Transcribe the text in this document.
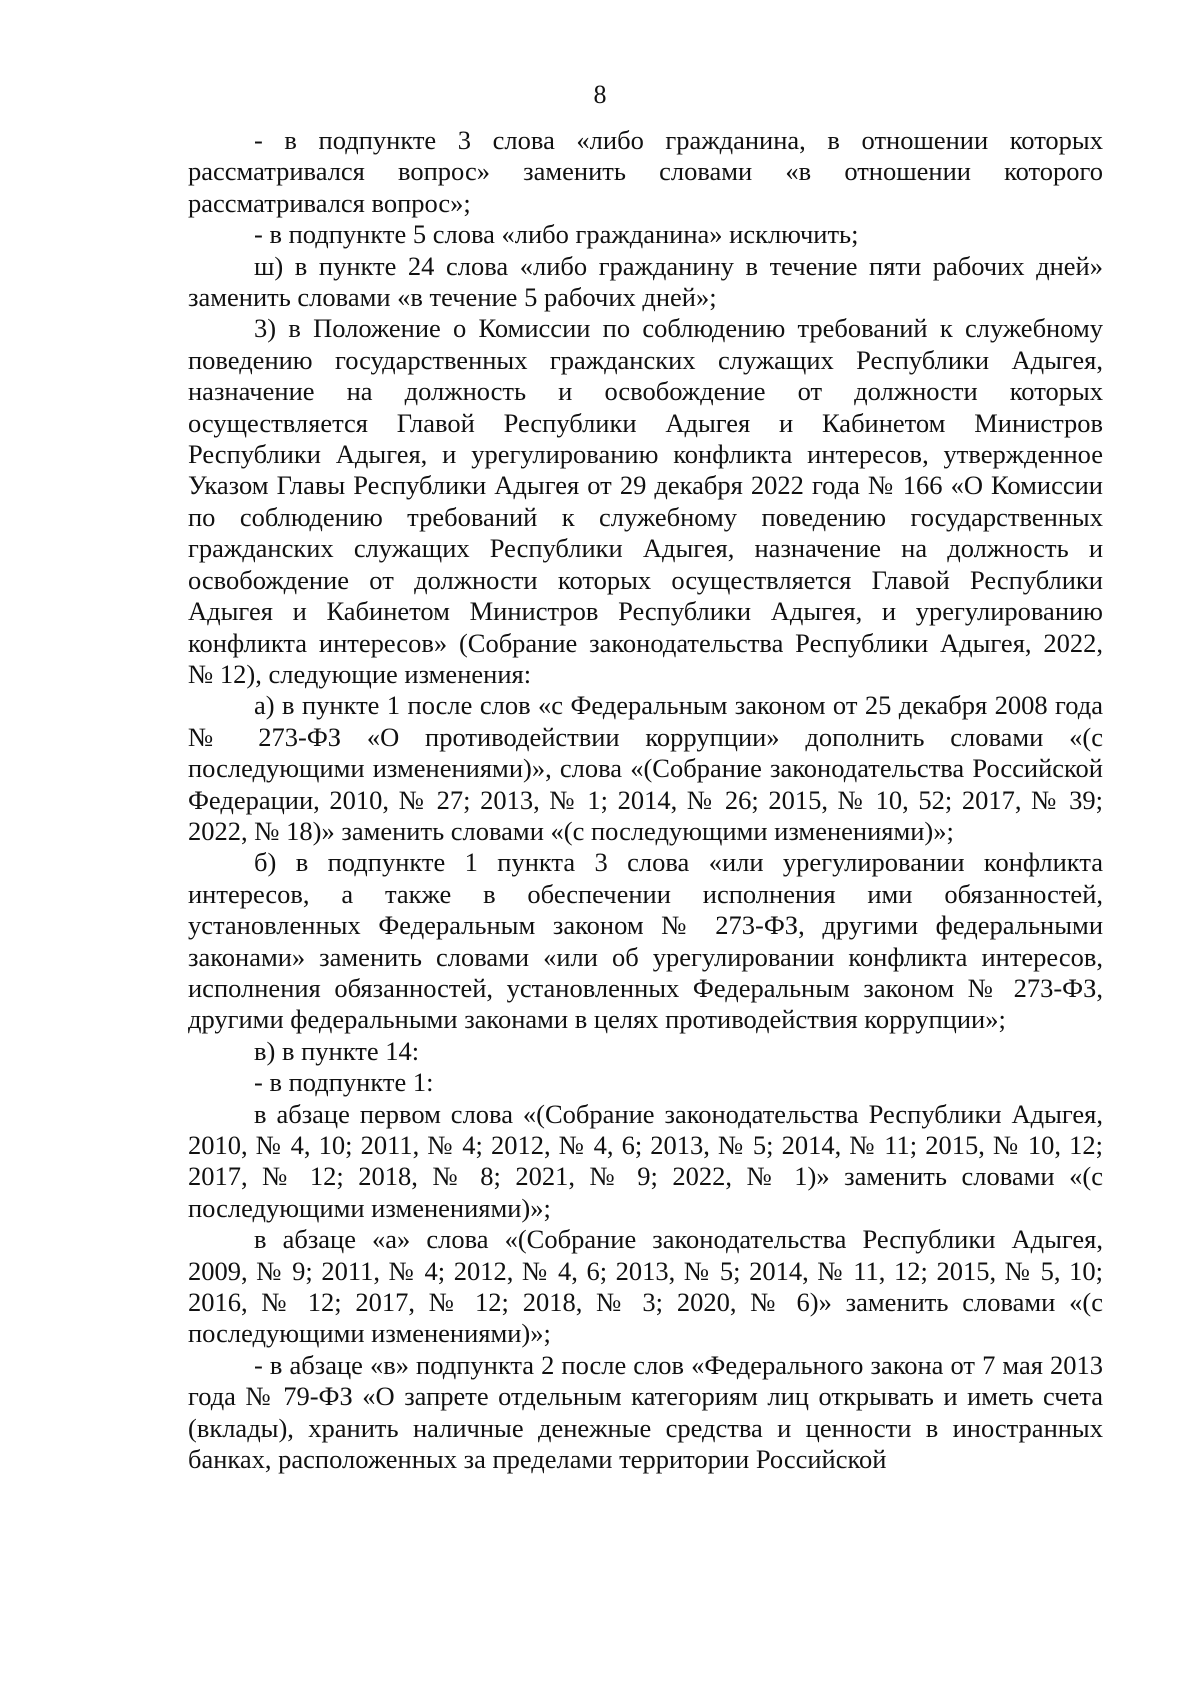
8

- в подпункте 3 слова «либо гражданина, в отношении которых рассматривался вопрос» заменить словами «в отношении которого рассматривался вопрос»;

- в подпункте 5 слова «либо гражданина» исключить;

ш) в пункте 24 слова «либо гражданину в течение пяти рабочих дней» заменить словами «в течение 5 рабочих дней»;

3) в Положение о Комиссии по соблюдению требований к служебному поведению государственных гражданских служащих Республики Адыгея, назначение на должность и освобождение от должности которых осуществляется Главой Республики Адыгея и Кабинетом Министров Республики Адыгея, и урегулированию конфликта интересов, утвержденное Указом Главы Республики Адыгея от 29 декабря 2022 года № 166 «О Комиссии по соблюдению требований к служебному поведению государственных гражданских служащих Республики Адыгея, назначение на должность и освобождение от должности которых осуществляется Главой Республики Адыгея и Кабинетом Министров Республики Адыгея, и урегулированию конфликта интересов» (Собрание законодательства Республики Адыгея, 2022, № 12), следующие изменения:

а) в пункте 1 после слов «с Федеральным законом от 25 декабря 2008 года № 273-ФЗ «О противодействии коррупции» дополнить словами «(с последующими изменениями)», слова «(Собрание законодательства Российской Федерации, 2010, № 27; 2013, № 1; 2014, № 26; 2015, № 10, 52; 2017, № 39; 2022, № 18)» заменить словами «(с последующими изменениями)»;

б) в подпункте 1 пункта 3 слова «или урегулировании конфликта интересов, а также в обеспечении исполнения ими обязанностей, установленных Федеральным законом № 273-ФЗ, другими федеральными законами» заменить словами «или об урегулировании конфликта интересов, исполнения обязанностей, установленных Федеральным законом № 273-ФЗ, другими федеральными законами в целях противодействия коррупции»;

в) в пункте 14:

- в подпункте 1:

в абзаце первом слова «(Собрание законодательства Республики Адыгея, 2010, № 4, 10; 2011, № 4; 2012, № 4, 6; 2013, № 5; 2014, № 11; 2015, № 10, 12; 2017, № 12; 2018, № 8; 2021, № 9; 2022, № 1)» заменить словами «(с последующими изменениями)»;

в абзаце «а» слова «(Собрание законодательства Республики Адыгея, 2009, № 9; 2011, № 4; 2012, № 4, 6; 2013, № 5; 2014, № 11, 12; 2015, № 5, 10; 2016, № 12; 2017, № 12; 2018, № 3; 2020, № 6)» заменить словами «(с последующими изменениями)»;

- в абзаце «в» подпункта 2 после слов «Федерального закона от 7 мая 2013 года № 79-ФЗ «О запрете отдельным категориям лиц открывать и иметь счета (вклады), хранить наличные денежные средства и ценности в иностранных банках, расположенных за пределами территории Российской
